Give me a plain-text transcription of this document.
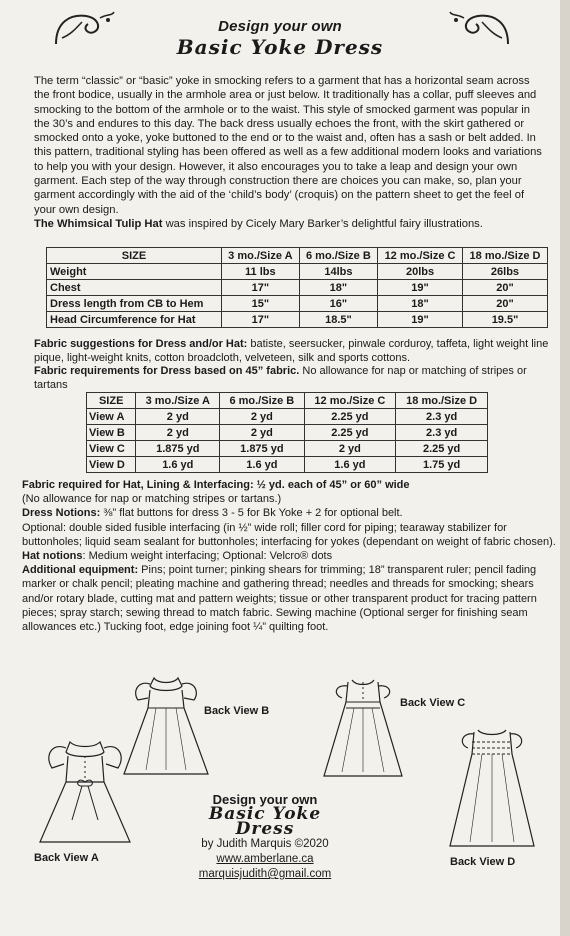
Design your own
Basic Yoke Dress

The term “classic” or “basic” yoke in smocking refers to a garment that has a horizontal seam across the front bodice, usually in the armhole area or just below. It traditionally has a collar, puff sleeves and smocking to the bottom of the armhole or to the waist. This style of smocked garment was popular in the 30’s and endures to this day. The back dress usually echoes the front, with the skirt gathered or smocked onto a yoke, yoke buttoned to the end or to the waist and, often has a sash or belt added. In this pattern, traditional styling has been offered as well as a few additional modern looks and variations to help you with your design. However, it also encourages you to take a leap and design your own garment. Each step of the way through construction there are choices you can make, so, plan your garment accordingly with the aid of the ‘child’s body’ (croquis) on the pattern sheet to get the feel of your own design.

The Whimsical Tulip Hat was inspired by Cicely Mary Barker’s delightful fairy illustrations.

SIZE	3 mo./Size A	6 mo./Size B	12 mo./Size C	18 mo./Size D
Weight	11 lbs	14lbs	20lbs	26lbs
Chest	17"	18"	19"	20"
Dress length from CB to Hem	15"	16"	18"	20"
Head Circumference for Hat	17"	18.5"	19"	19.5"

Fabric suggestions for Dress and/or Hat: batiste, seersucker, pinwale corduroy, taffeta, light weight line pique, light-weight knits, cotton broadcloth, velveteen, silk and sports cottons.

Fabric requirements for Dress based on 45” fabric. No allowance for nap or matching of stripes or tartans

SIZE	3 mo./Size A	6 mo./Size B	12 mo./Size C	18 mo./Size D
View A	2 yd	2 yd	2.25 yd	2.3 yd
View B	2 yd	2 yd	2.25 yd	2.3 yd
View C	1.875 yd	1.875 yd	2 yd	2.25 yd
View D	1.6 yd	1.6 yd	1.6 yd	1.75 yd

Fabric required for Hat, Lining & Interfacing: ½ yd. each of 45” or 60” wide

(No allowance for nap or matching stripes or tartans.)

Dress Notions: ⅜” flat buttons for dress 3 - 5 for Bk Yoke + 2 for optional belt.

Optional: double sided fusible interfacing (in ½” wide roll; filler cord for piping; tearaway stabilizer for buttonholes; liquid seam sealant for buttonholes; interfacing for yokes (dependant on weight of fabric chosen).

Hat notions: Medium weight interfacing; Optional: Velcro® dots

Additional equipment: Pins; point turner; pinking shears for trimming; 18” transparent ruler; pencil fading marker or chalk pencil; pleating machine and gathering thread; needles and threads for smocking; shears and/or rotary blade, cutting mat and pattern weights; tissue or other transparent product for tracing pattern pieces; spray starch; sewing thread to match fabric. Sewing machine (Optional serger for finishing seam allowances etc.) Tucking foot, edge joining foot ¼” quilting foot.

Back View A
Back View B
Back View C
Back View D
Design your own
Basic Yoke Dress
by Judith Marquis ©2020
www.amberlane.ca
marquisjudith@gmail.com
